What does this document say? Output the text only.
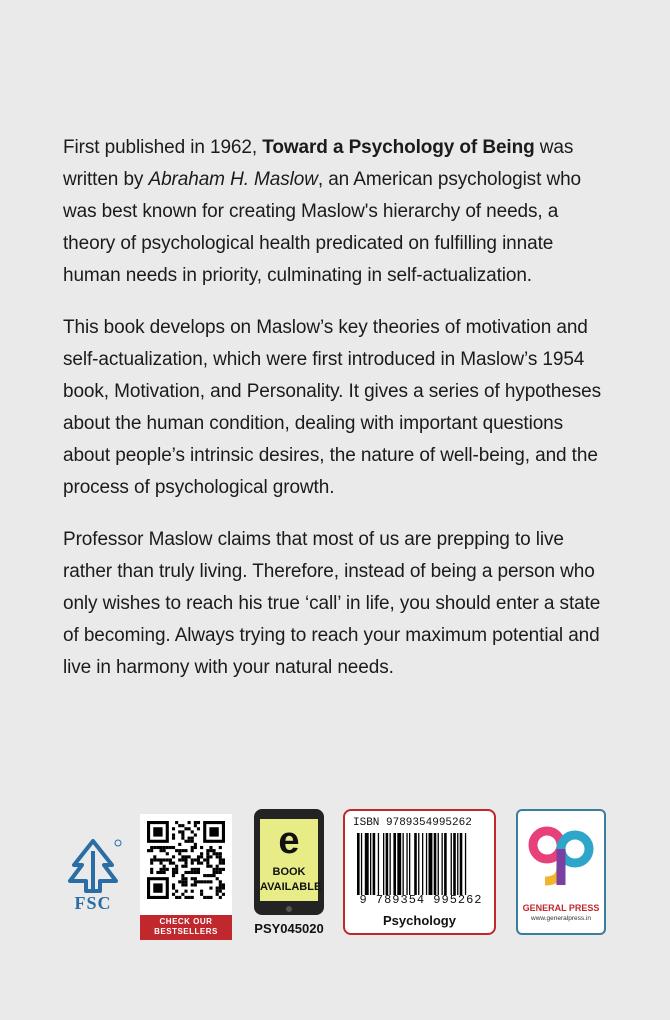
First published in 1962, Toward a Psychology of Being was written by Abraham H. Maslow, an American psychologist who was best known for creating Maslow's hierarchy of needs, a theory of psychological health predicated on fulfilling innate human needs in priority, culminating in self-actualization.

This book develops on Maslow’s key theories of motivation and self-actualization, which were first introduced in Maslow’s 1954 book, Motivation, and Personality. It gives a series of hypotheses about the human condition, dealing with important questions about people’s intrinsic desires, the nature of well-being, and the process of psychological growth.

Professor Maslow claims that most of us are prepping to live rather than truly living. Therefore, instead of being a person who only wishes to reach his true ‘call’ in life, you should enter a state of becoming. Always trying to reach your maximum potential and live in harmony with your natural needs.

FSC
CHECK OUR
BESTSELLERS
e
BOOK
AVAILABLE
PSY045020
ISBN 9789354995262
9 789354 995262
Psychology
GENERAL PRESS
www.generalpress.in
